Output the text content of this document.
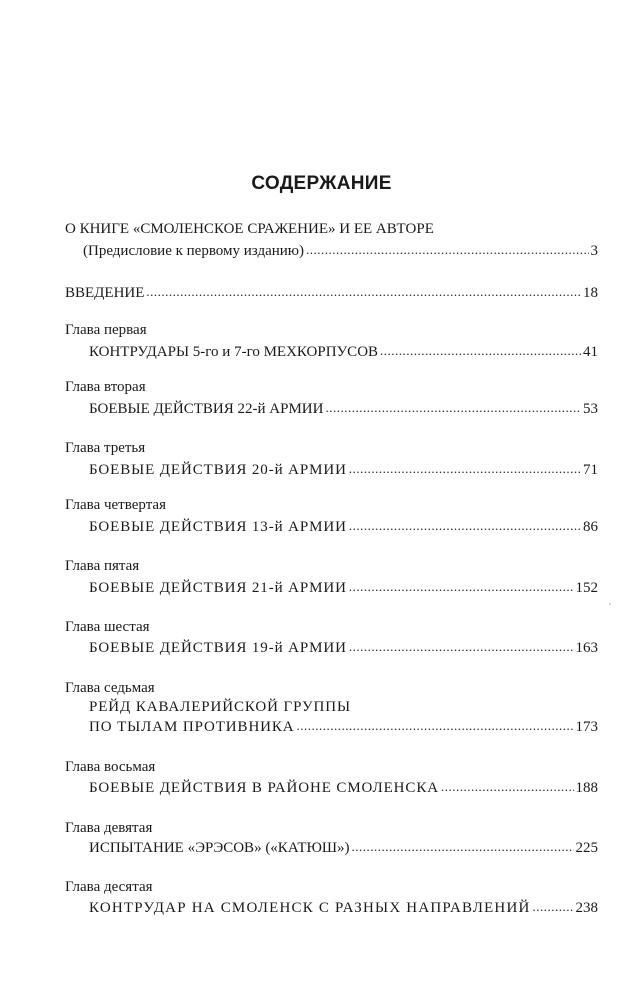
СОДЕРЖАНИЕ
О КНИГЕ «СМОЛЕНСКОЕ СРАЖЕНИЕ» И ЕЕ АВТОРЕ
(Предисловие к первому изданию) .....	3
ВВЕДЕНИЕ .....	18
Глава первая
КОНТРУДАРЫ 5-го и 7-го МЕХКОРПУСОВ .....	41
Глава вторая
БОЕВЫЕ ДЕЙСТВИЯ 22-й АРМИИ .....	53
Глава третья
БОЕВЫЕ ДЕЙСТВИЯ 20-й АРМИИ .....	71
Глава четвертая
БОЕВЫЕ ДЕЙСТВИЯ 13-й АРМИИ .....	86
Глава пятая
БОЕВЫЕ ДЕЙСТВИЯ 21-й АРМИИ .....	152
Глава шестая
БОЕВЫЕ ДЕЙСТВИЯ 19-й АРМИИ .....	163
Глава седьмая
РЕЙД КАВАЛЕРИЙСКОЙ ГРУППЫ
ПО ТЫЛАМ ПРОТИВНИКА .....	173
Глава восьмая
БОЕВЫЕ ДЕЙСТВИЯ В РАЙОНЕ СМОЛЕНСКА .....	188
Глава девятая
ИСПЫТАНИЕ «ЭРЭСОВ» («КАТЮШ») .....	225
Глава десятая
КОНТРУДАР НА СМОЛЕНСК С РАЗНЫХ НАПРАВЛЕНИЙ .....	238
